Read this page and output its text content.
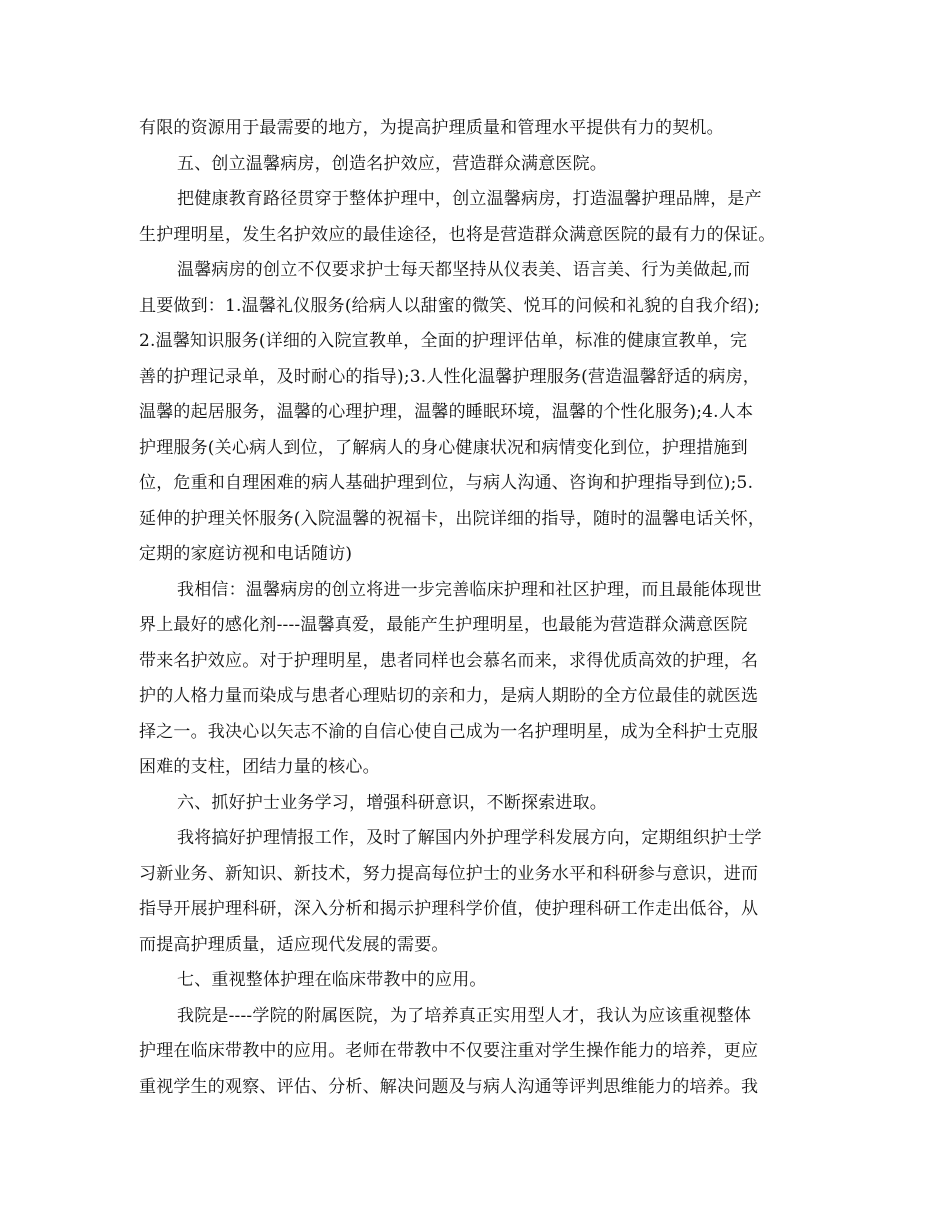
有限的资源用于最需要的地方，为提高护理质量和管理水平提供有力的契机。
五、创立温馨病房，创造名护效应，营造群众满意医院。
把健康教育路径贯穿于整体护理中，创立温馨病房，打造温馨护理品牌，是产
生护理明星，发生名护效应的最佳途径，也将是营造群众满意医院的最有力的保证。
温馨病房的创立不仅要求护士每天都坚持从仪表美、语言美、行为美做起,而
且要做到：1.温馨礼仪服务(给病人以甜蜜的微笑、悦耳的问候和礼貌的自我介绍);
2.温馨知识服务(详细的入院宣教单，全面的护理评估单，标准的健康宣教单，完
善的护理记录单，及时耐心的指导);3.人性化温馨护理服务(营造温馨舒适的病房，
温馨的起居服务，温馨的心理护理，温馨的睡眠环境，温馨的个性化服务);4.人本
护理服务(关心病人到位，了解病人的身心健康状况和病情变化到位，护理措施到
位，危重和自理困难的病人基础护理到位，与病人沟通、咨询和护理指导到位);5.
延伸的护理关怀服务(入院温馨的祝福卡，出院详细的指导，随时的温馨电话关怀，
定期的家庭访视和电话随访)
我相信：温馨病房的创立将进一步完善临床护理和社区护理，而且最能体现世
界上最好的感化剂----温馨真爱，最能产生护理明星，也最能为营造群众满意医院
带来名护效应。对于护理明星，患者同样也会慕名而来，求得优质高效的护理，名
护的人格力量而染成与患者心理贴切的亲和力，是病人期盼的全方位最佳的就医选
择之一。我决心以矢志不渝的自信心使自己成为一名护理明星，成为全科护士克服
困难的支柱，团结力量的核心。
六、抓好护士业务学习，增强科研意识，不断探索进取。
我将搞好护理情报工作，及时了解国内外护理学科发展方向，定期组织护士学
习新业务、新知识、新技术，努力提高每位护士的业务水平和科研参与意识，进而
指导开展护理科研，深入分析和揭示护理科学价值，使护理科研工作走出低谷，从
而提高护理质量，适应现代发展的需要。
七、重视整体护理在临床带教中的应用。
我院是----学院的附属医院，为了培养真正实用型人才，我认为应该重视整体
护理在临床带教中的应用。老师在带教中不仅要注重对学生操作能力的培养，更应
重视学生的观察、评估、分析、解决问题及与病人沟通等评判思维能力的培养。我
